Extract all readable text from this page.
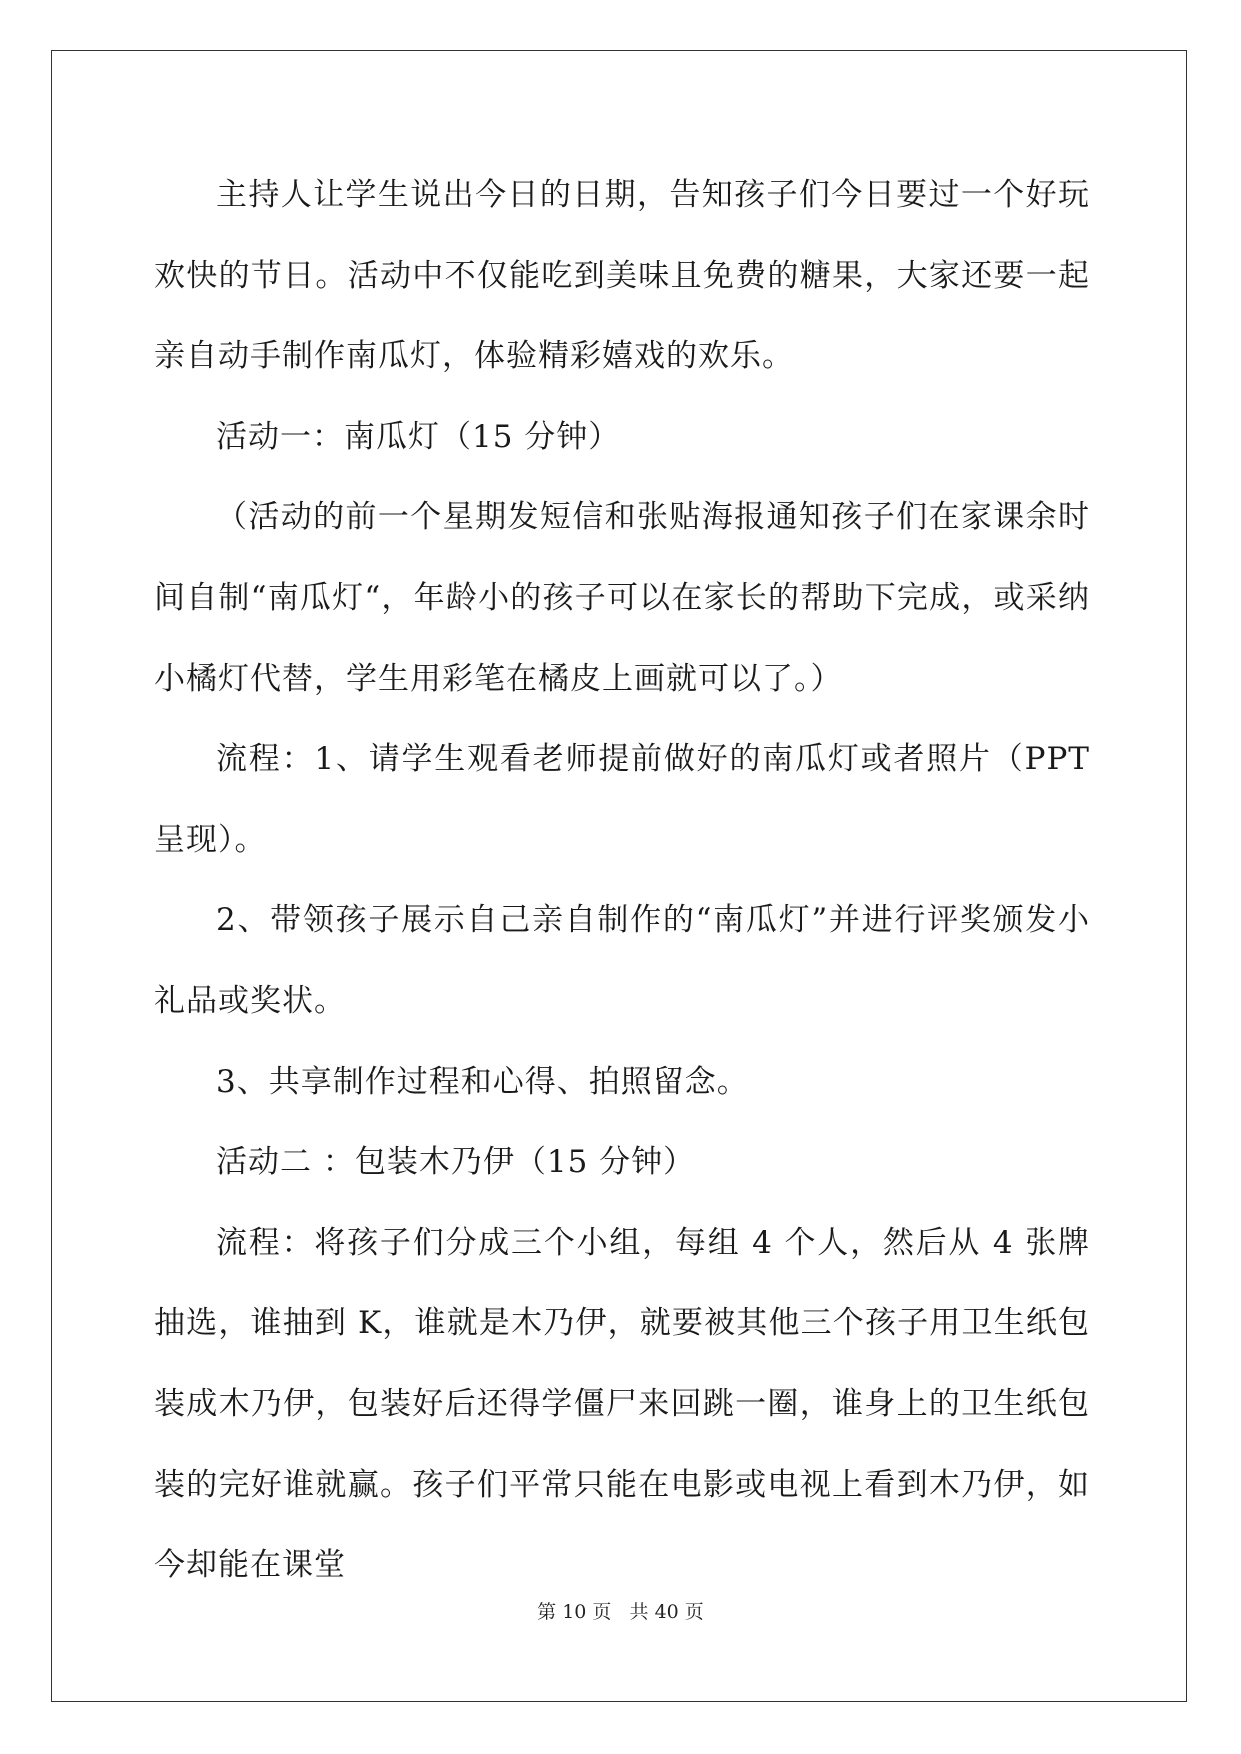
主持人让学生说出今日的日期，告知孩子们今日要过一个好玩欢快的节日。活动中不仅能吃到美味且免费的糖果，大家还要一起亲自动手制作南瓜灯，体验精彩嬉戏的欢乐。

活动一：南瓜灯（15 分钟）

（活动的前一个星期发短信和张贴海报通知孩子们在家课余时间自制“南瓜灯“，年龄小的孩子可以在家长的帮助下完成，或采纳小橘灯代替，学生用彩笔在橘皮上画就可以了。）

流程：1、请学生观看老师提前做好的南瓜灯或者照片（PPT 呈现）。

2、带领孩子展示自己亲自制作的“南瓜灯”并进行评奖颁发小礼品或奖状。

3、共享制作过程和心得、拍照留念。

活动二 ：包装木乃伊（15 分钟）

流程：将孩子们分成三个小组，每组 4 个人，然后从 4 张牌抽选，谁抽到 K，谁就是木乃伊，就要被其他三个孩子用卫生纸包装成木乃伊，包装好后还得学僵尸来回跳一圈，谁身上的卫生纸包装的完好谁就赢。孩子们平常只能在电影或电视上看到木乃伊，如今却能在课堂

第 10 页   共 40 页
